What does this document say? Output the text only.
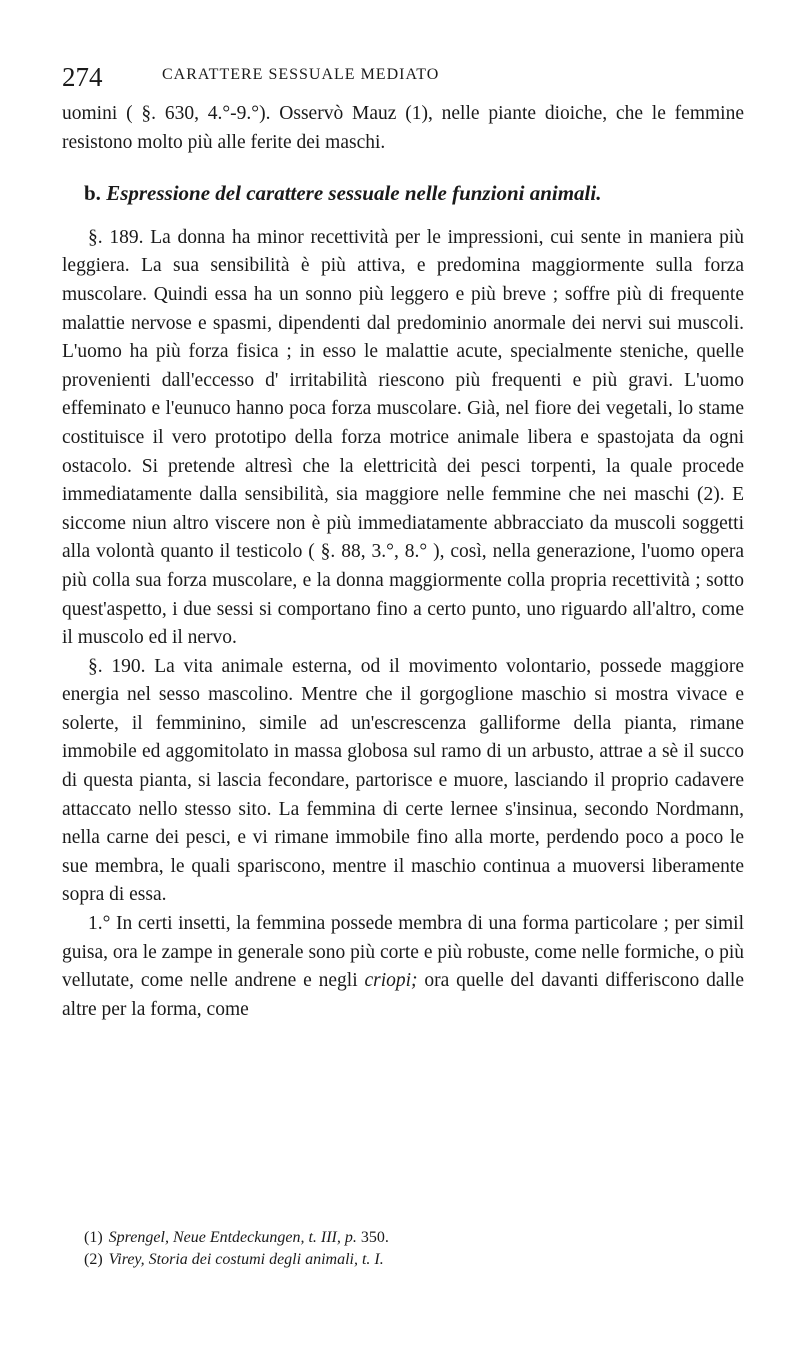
274	CARATTERE SESSUALE MEDIATO

uomini ( §. 630, 4.°-9.°). Osservò Mauz (1), nelle piante dioiche, che le femmine resistono molto più alle ferite dei maschi.

b. Espressione del carattere sessuale nelle funzioni animali.

§. 189. La donna ha minor recettività per le impressioni, cui sente in maniera più leggiera. La sua sensibilità è più attiva, e predomina maggiormente sulla forza muscolare. Quindi essa ha un sonno più leggero e più breve ; soffre più di frequente malattie nervose e spasmi, dipendenti dal predominio anormale dei nervi sui muscoli. L'uomo ha più forza fisica ; in esso le malattie acute, specialmente steniche, quelle provenienti dall'eccesso d' irritabilità riescono più frequenti e più gravi. L'uomo effeminato e l'eunuco hanno poca forza muscolare. Già, nel fiore dei vegetali, lo stame costituisce il vero prototipo della forza motrice animale libera e spastojata da ogni ostacolo. Si pretende altresì che la elettricità dei pesci torpenti, la quale procede immediatamente dalla sensibilità, sia maggiore nelle femmine che nei maschi (2). E siccome niun altro viscere non è più immediatamente abbracciato da muscoli soggetti alla volontà quanto il testicolo ( §. 88, 3.°, 8.° ), così, nella generazione, l'uomo opera più colla sua forza muscolare, e la donna maggiormente colla propria recettività ; sotto quest'aspetto, i due sessi si comportano fino a certo punto, uno riguardo all'altro, come il muscolo ed il nervo.

§. 190. La vita animale esterna, od il movimento volontario, possede maggiore energia nel sesso mascolino. Mentre che il gorgoglione maschio si mostra vivace e solerte, il femminino, simile ad un'escrescenza galliforme della pianta, rimane immobile ed aggomitolato in massa globosa sul ramo di un arbusto, attrae a sè il succo di questa pianta, si lascia fecondare, partorisce e muore, lasciando il proprio cadavere attaccato nello stesso sito. La femmina di certe lernee s'insinua, secondo Nordmann, nella carne dei pesci, e vi rimane immobile fino alla morte, perdendo poco a poco le sue membra, le quali spariscono, mentre il maschio continua a muoversi liberamente sopra di essa.

1.° In certi insetti, la femmina possede membra di una forma particolare ; per simil guisa, ora le zampe in generale sono più corte e più robuste, come nelle formiche, o più vellutate, come nelle andrene e negli criopi; ora quelle del davanti differiscono dalle altre per la forma, come

(1) Sprengel, Neue Entdeckungen, t. III, p. 350.

(2) Virey, Storia dei costumi degli animali, t. I.
